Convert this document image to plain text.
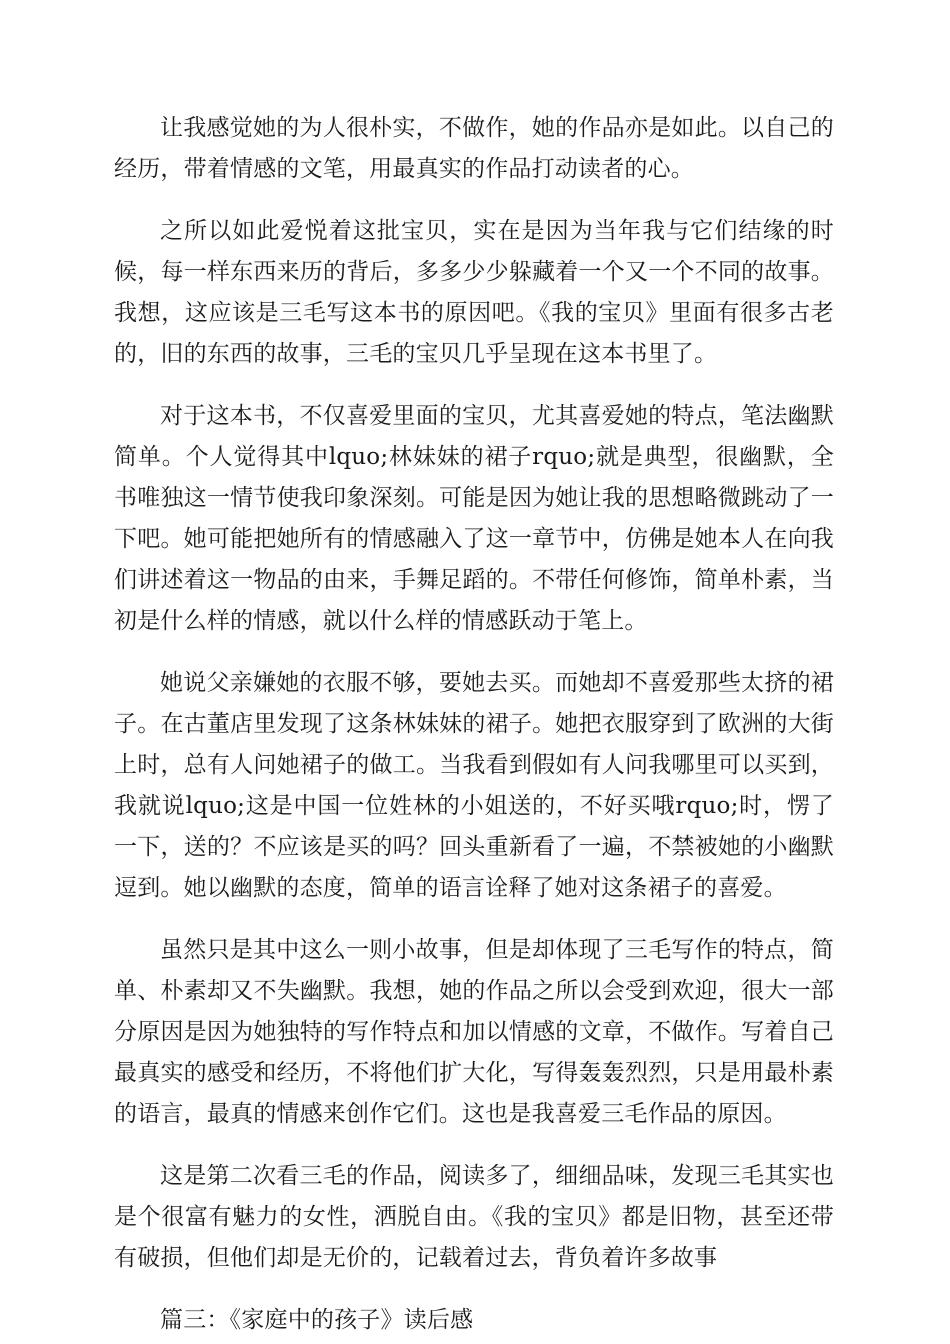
让我感觉她的为人很朴实，不做作，她的作品亦是如此。以自己的经历，带着情感的文笔，用最真实的作品打动读者的心。

之所以如此爱悦着这批宝贝，实在是因为当年我与它们结缘的时候，每一样东西来历的背后，多多少少躲藏着一个又一个不同的故事。我想，这应该是三毛写这本书的原因吧。《我的宝贝》里面有很多古老的，旧的东西的故事，三毛的宝贝几乎呈现在这本书里了。

对于这本书，不仅喜爱里面的宝贝，尤其喜爱她的特点，笔法幽默简单。个人觉得其中lquo;林妹妹的裙子rquo;就是典型，很幽默，全书唯独这一情节使我印象深刻。可能是因为她让我的思想略微跳动了一下吧。她可能把她所有的情感融入了这一章节中，仿佛是她本人在向我们讲述着这一物品的由来，手舞足蹈的。不带任何修饰，简单朴素，当初是什么样的情感，就以什么样的情感跃动于笔上。

她说父亲嫌她的衣服不够，要她去买。而她却不喜爱那些太挤的裙子。在古董店里发现了这条林妹妹的裙子。她把衣服穿到了欧洲的大街上时，总有人问她裙子的做工。当我看到假如有人问我哪里可以买到，我就说lquo;这是中国一位姓林的小姐送的，不好买哦rquo;时，愣了一下，送的？不应该是买的吗？回头重新看了一遍，不禁被她的小幽默逗到。她以幽默的态度，简单的语言诠释了她对这条裙子的喜爱。

虽然只是其中这么一则小故事，但是却体现了三毛写作的特点，简单、朴素却又不失幽默。我想，她的作品之所以会受到欢迎，很大一部分原因是因为她独特的写作特点和加以情感的文章，不做作。写着自己最真实的感受和经历，不将他们扩大化，写得轰轰烈烈，只是用最朴素的语言，最真的情感来创作它们。这也是我喜爱三毛作品的原因。

这是第二次看三毛的作品，阅读多了，细细品味，发现三毛其实也是个很富有魅力的女性，洒脱自由。《我的宝贝》都是旧物，甚至还带有破损，但他们却是无价的，记载着过去，背负着许多故事

篇三：《家庭中的孩子》读后感
